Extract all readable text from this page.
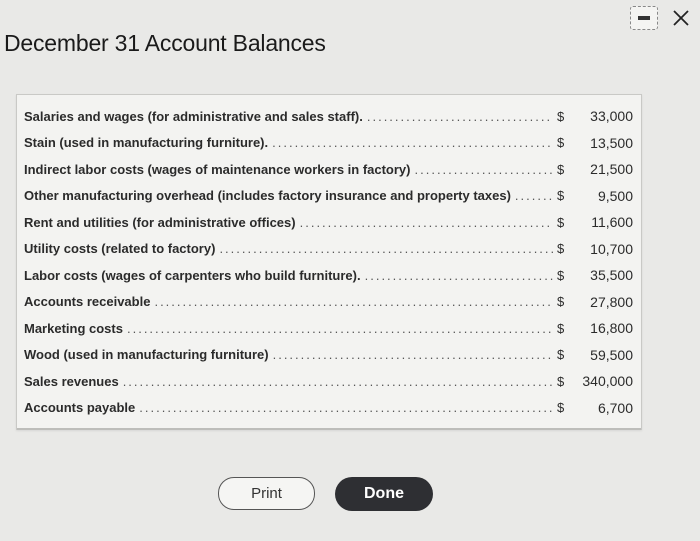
December 31 Account Balances
Salaries and wages (for administrative and sales staff). .....	$	33,000
Stain (used in manufacturing furniture). .....	$	13,500
Indirect labor costs (wages of maintenance workers in factory) .....	$	21,500
Other manufacturing overhead (includes factory insurance and property taxes) .....	$	9,500
Rent and utilities (for administrative offices) .....	$	11,600
Utility costs (related to factory) .....	$	10,700
Labor costs (wages of carpenters who build furniture). .....	$	35,500
Accounts receivable .....	$	27,800
Marketing costs .....	$	16,800
Wood (used in manufacturing furniture) .....	$	59,500
Sales revenues .....	$	340,000
Accounts payable .....	$	6,700
Print	Done
